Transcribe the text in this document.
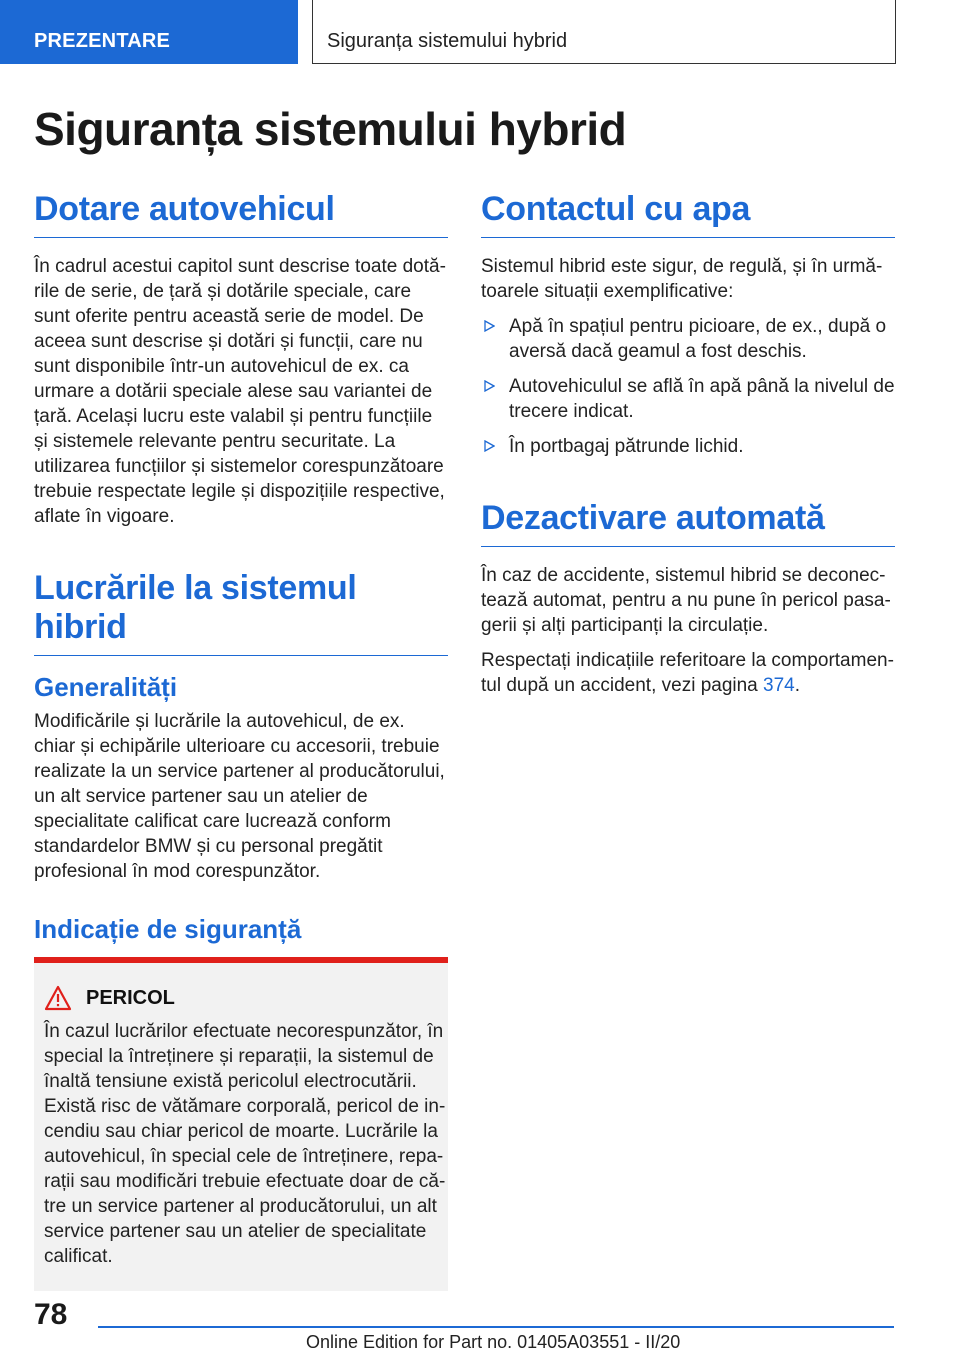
PREZENTARE	Siguranța sistemului hybrid
Siguranța sistemului hybrid
Dotare autovehicul
În cadrul acestui capitol sunt descrise toate dotările de serie, de țară și dotările speciale, care sunt oferite pentru această serie de model. De aceea sunt descrise și dotări și funcții, care nu sunt disponibile într-un autovehicul de ex. ca urmare a dotării speciale alese sau variantei de țară. Același lucru este valabil și pentru funcțiile și sistemele relevante pentru securitate. La utilizarea funcțiilor și sistemelor corespunzătoare trebuie respectate legile și dispozițiile respective, aflate în vigoare.
Lucrările la sistemul hibrid
Generalități
Modificările și lucrările la autovehicul, de ex. chiar și echipările ulterioare cu accesorii, trebuie realizate la un service partener al producătorului, un alt service partener sau un atelier de specialitate calificat care lucrează conform standardelor BMW și cu personal pregătit profesional în mod corespunzător.
Indicație de siguranță
PERICOL
În cazul lucrărilor efectuate necorespunzător, în special la întreținere și reparații, la sistemul de înaltă tensiune există pericolul electrocutării. Există risc de vătămare corporală, pericol de incendiu sau chiar pericol de moarte. Lucrările la autovehicul, în special cele de întreținere, reparații sau modificări trebuie efectuate doar de către un service partener al producătorului, un alt service partener sau un atelier de specialitate calificat.
Contactul cu apa
Sistemul hibrid este sigur, de regulă, și în următoarele situații exemplificative:
Apă în spațiul pentru picioare, de ex., după o aversă dacă geamul a fost deschis.
Autovehiculul se află în apă până la nivelul de trecere indicat.
În portbagaj pătrunde lichid.
Dezactivare automată
În caz de accidente, sistemul hibrid se deconectează automat, pentru a nu pune în pericol pasagerii și alți participanți la circulație.
Respectați indicațiile referitoare la comportamentul după un accident, vezi pagina 374.
78
Online Edition for Part no. 01405A03551 - II/20
